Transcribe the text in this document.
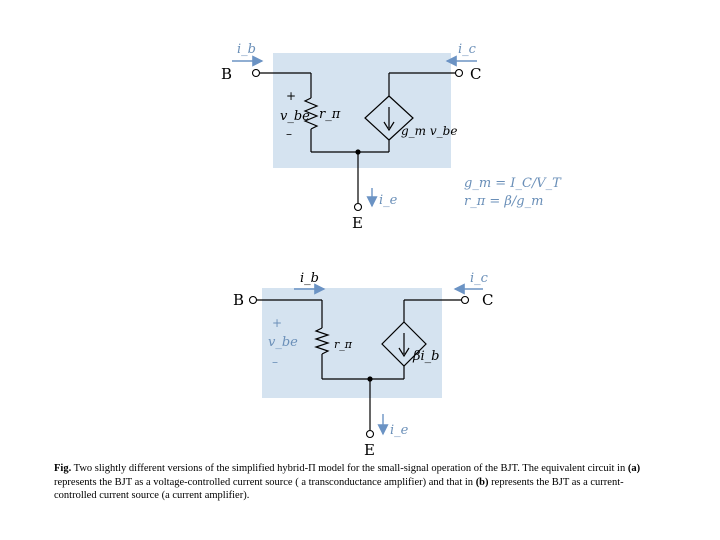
B	C
E
i_b	i_c
i_e
+
v_be
–
r_π
g_m v_be
g_m = I_C/V_T
r_π = β/g_m
B	C
E
i_b	i_c
i_e
+
v_be
–
r_π
βi_b
Fig. Two slightly different versions of the simplified hybrid-Π model for the small-signal operation of the BJT. The equivalent circuit in (a) represents the BJT as a voltage-controlled current source ( a transconductance amplifier) and that in (b) represents the BJT as a current-controlled current source (a current amplifier).
